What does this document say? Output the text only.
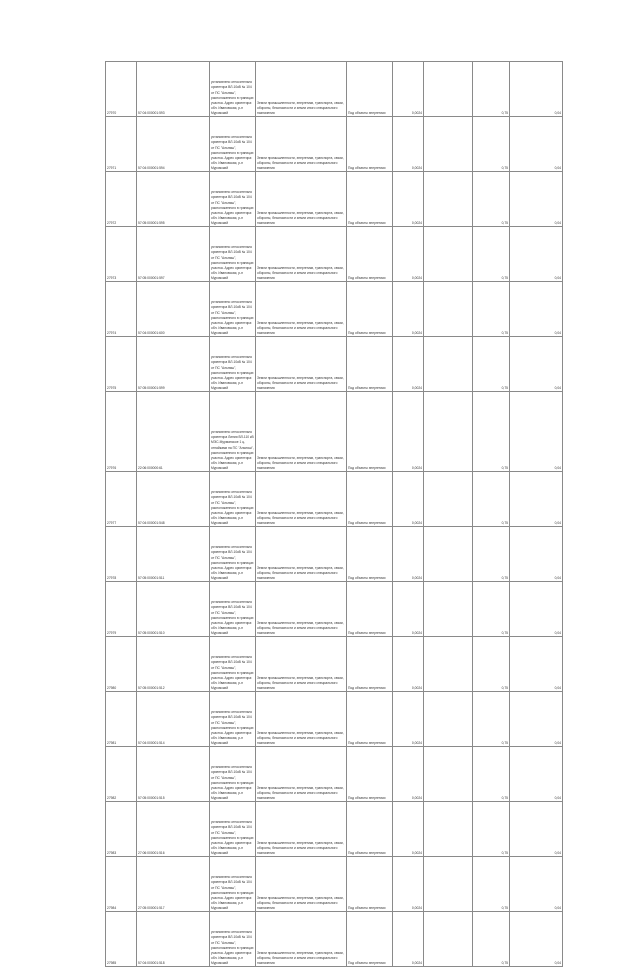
27970	57:04:000001:593	установлено относительно ориентира ВЛ-10кВ № 104 от ПС "Альняш", расположенного в границах участка. Адрес ориентира: обл. Ивановская, р-н Муромский	Земли промышленности, энергетики, транспорта, связи, обороны, безопасности и земли иного специального назначения	Под объекты энергетики	0,0024		0,75	0,04
27971	57:04:000001:594	установлено относительно ориентира ВЛ-10кВ № 104 от ПС "Альняш", расположенного в границах участка. Адрес ориентира: обл. Ивановская, р-н Муромский	Земли промышленности, энергетики, транспорта, связи, обороны, безопасности и земли иного специального назначения	Под объекты энергетики	0,0024		0,75	0,04
27972	57:05:000001:595	установлено относительно ориентира ВЛ-10кВ № 104 от ПС "Альняш", расположенного в границах участка. Адрес ориентира: обл. Ивановская, р-н Муромский	Земли промышленности, энергетики, транспорта, связи, обороны, безопасности и земли иного специального назначения	Под объекты энергетики	0,0024		0,75	0,04
27973	57:05:000001:597	установлено относительно ориентира ВЛ-10кВ № 104 от ПС "Альняш", расположенного в границах участка. Адрес ориентира: обл. Ивановская, р-н Муромский	Земли промышленности, энергетики, транспорта, связи, обороны, безопасности и земли иного специального назначения	Под объекты энергетики	0,0024		0,75	0,04
27974	57:04:000001:600	установлено относительно ориентира ВЛ-10кВ № 104 от ПС "Альняш", расположенного в границах участка. Адрес ориентира: обл. Ивановская, р-н Муромский	Земли промышленности, энергетики, транспорта, связи, обороны, безопасности и земли иного специального назначения	Под объекты энергетики	0,0024		0,75	0,04
27975	57:05:000001:599	установлено относительно ориентира ВЛ-10кВ № 104 от ПС "Альняш", расположенного в границах участка. Адрес ориентира: обл. Ивановская, р-н Муромский	Земли промышленности, энергетики, транспорта, связи, обороны, безопасности и земли иного специального назначения	Под объекты энергетики	0,0024		0,75	0,04
27976	22:06:000000:61	установлено относительно ориентира Линия ВЛ-110 кВ МЭС-Мурманское 1 ц. отпайками на ПС "Альняш", расположенного в границах участка. Адрес ориентира: обл. Ивановская, р-н Муромский	Земли промышленности, энергетики, транспорта, связи, обороны, безопасности и земли иного специального назначения	Под объекты энергетики	0,0024		0,75	0,04
27977	57:04:000001:548	установлено относительно ориентира ВЛ-10кВ № 104 от ПС "Альняш", расположенного в границах участка. Адрес ориентира: обл. Ивановская, р-н Муромский	Земли промышленности, энергетики, транспорта, связи, обороны, безопасности и земли иного специального назначения	Под объекты энергетики	0,0024		0,75	0,04
27978	57:05:000001:511	установлено относительно ориентира ВЛ-10кВ № 104 от ПС "Альняш", расположенного в границах участка. Адрес ориентира: обл. Ивановская, р-н Муромский	Земли промышленности, энергетики, транспорта, связи, обороны, безопасности и земли иного специального назначения	Под объекты энергетики	0,0024		0,75	0,04
27979	57:05:000001:510	установлено относительно ориентира ВЛ-10кВ № 104 от ПС "Альняш", расположенного в границах участка. Адрес ориентира: обл. Ивановская, р-н Муромский	Земли промышленности, энергетики, транспорта, связи, обороны, безопасности и земли иного специального назначения	Под объекты энергетики	0,0024		0,75	0,04
27980	57:05:000001:512	установлено относительно ориентира ВЛ-10кВ № 104 от ПС "Альняш", расположенного в границах участка. Адрес ориентира: обл. Ивановская, р-н Муромский	Земли промышленности, энергетики, транспорта, связи, обороны, безопасности и земли иного специального назначения	Под объекты энергетики	0,0024		0,75	0,04
27981	57:04:000001:514	установлено относительно ориентира ВЛ-10кВ № 104 от ПС "Альняш", расположенного в границах участка. Адрес ориентира: обл. Ивановская, р-н Муромский	Земли промышленности, энергетики, транспорта, связи, обороны, безопасности и земли иного специального назначения	Под объекты энергетики	0,0024		0,75	0,04
27982	57:05:000001:515	установлено относительно ориентира ВЛ-10кВ № 104 от ПС "Альняш", расположенного в границах участка. Адрес ориентира: обл. Ивановская, р-н Муромский	Земли промышленности, энергетики, транспорта, связи, обороны, безопасности и земли иного специального назначения	Под объекты энергетики	0,0024		0,75	0,04
27983	27:06:000001:516	установлено относительно ориентира ВЛ-10кВ № 104 от ПС "Альняш", расположенного в границах участка. Адрес ориентира: обл. Ивановская, р-н Муромский	Земли промышленности, энергетики, транспорта, связи, обороны, безопасности и земли иного специального назначения	Под объекты энергетики	0,0024		0,75	0,04
27984	27:05:000001:517	установлено относительно ориентира ВЛ-10кВ № 104 от ПС "Альняш", расположенного в границах участка. Адрес ориентира: обл. Ивановская, р-н Муромский	Земли промышленности, энергетики, транспорта, связи, обороны, безопасности и земли иного специального назначения	Под объекты энергетики	0,0024		0,75	0,04
27985	57:04:000001:518	установлено относительно ориентира ВЛ-10кВ № 104 от ПС "Альняш", расположенного в границах участка. Адрес ориентира: обл. Ивановская, р-н Муромский	Земли промышленности, энергетики, транспорта, связи, обороны, безопасности и земли иного специального назначения	Под объекты энергетики	0,0024		0,75	0,04
